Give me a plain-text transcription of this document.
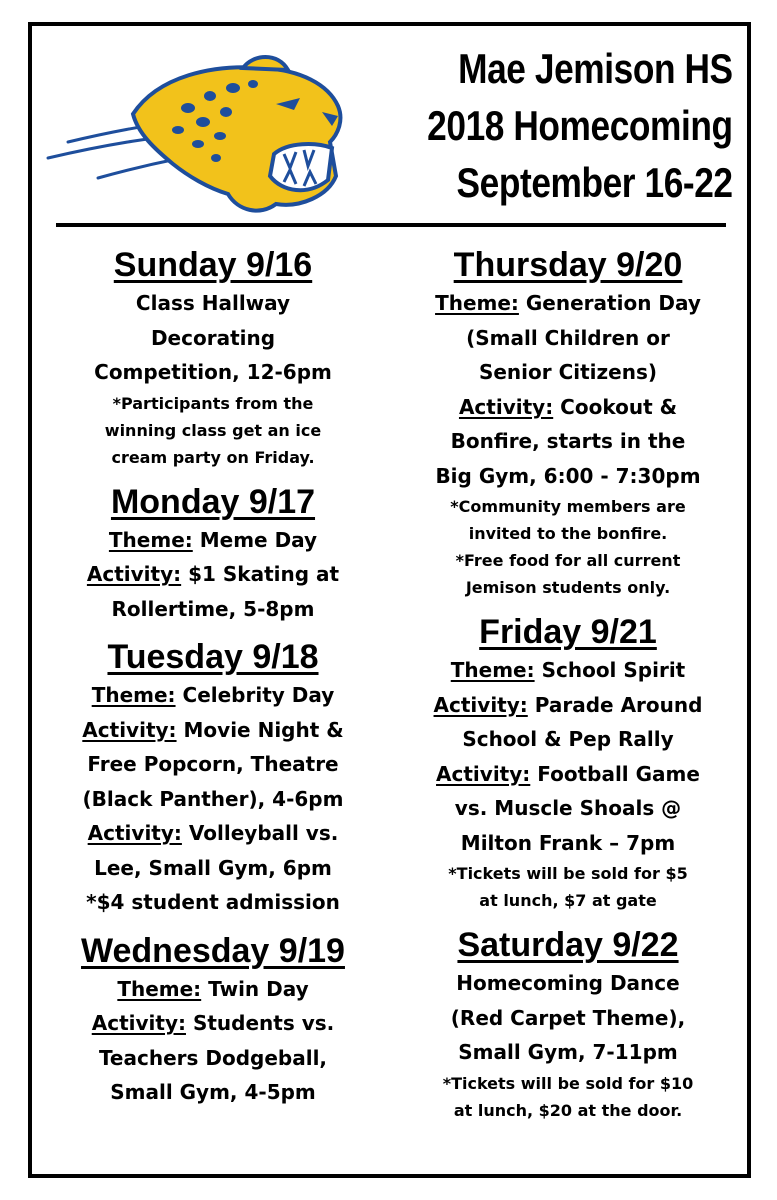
Mae Jemison HS
2018 Homecoming
September 16-22
Sunday 9/16
Class Hallway
Decorating
Competition, 12-6pm
*Participants from the
winning class get an ice
cream party on Friday.
Monday 9/17
Theme: Meme Day
Activity: $1 Skating at
Rollertime, 5-8pm
Tuesday 9/18
Theme: Celebrity Day
Activity: Movie Night &
Free Popcorn, Theatre
(Black Panther), 4-6pm
Activity: Volleyball vs.
Lee, Small Gym, 6pm
*$4 student admission
Wednesday 9/19
Theme: Twin Day
Activity: Students vs.
Teachers Dodgeball,
Small Gym, 4-5pm
Thursday 9/20
Theme: Generation Day
(Small Children or
Senior Citizens)
Activity: Cookout &
Bonfire, starts in the
Big Gym, 6:00 - 7:30pm
*Community members are
invited to the bonfire.
*Free food for all current
Jemison students only.
Friday 9/21
Theme: School Spirit
Activity: Parade Around
School & Pep Rally
Activity: Football Game
vs. Muscle Shoals @
Milton Frank – 7pm
*Tickets will be sold for $5
at lunch, $7 at gate
Saturday 9/22
Homecoming Dance
(Red Carpet Theme),
Small Gym, 7-11pm
*Tickets will be sold for $10
at lunch, $20 at the door.
